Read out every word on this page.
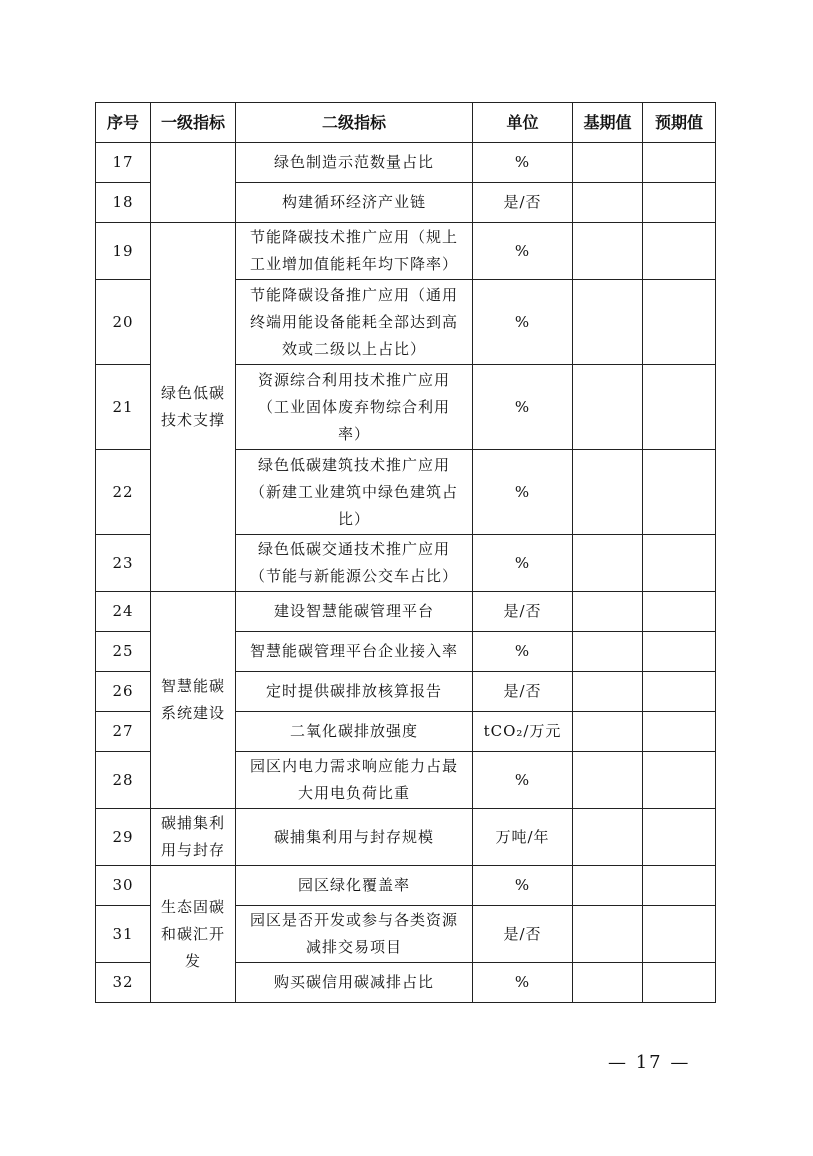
序号	一级指标	二级指标	单位	基期值	预期值
17		绿色制造示范数量占比	%		
18		构建循环经济产业链	是/否		
19	绿色低碳技术支撑	节能降碳技术推广应用（规上
工业增加值能耗年均下降率）	%		
20		节能降碳设备推广应用（通用
终端用能设备能耗全部达到高
效或二级以上占比）	%		
21		资源综合利用技术推广应用
（工业固体废弃物综合利用
率）	%		
22		绿色低碳建筑技术推广应用
（新建工业建筑中绿色建筑占
比）	%		
23		绿色低碳交通技术推广应用
（节能与新能源公交车占比）	%		
24	智慧能碳系统建设	建设智慧能碳管理平台	是/否		
25		智慧能碳管理平台企业接入率	%		
26		定时提供碳排放核算报告	是/否		
27		二氧化碳排放强度	tCO₂/万元		
28		园区内电力需求响应能力占最
大用电负荷比重	%		
29	碳捕集利用与封存	碳捕集利用与封存规模	万吨/年		
30	生态固碳和碳汇开发	园区绿化覆盖率	%		
31		园区是否开发或参与各类资源
减排交易项目	是/否		
32		购买碳信用碳减排占比	%		
— 17 —
